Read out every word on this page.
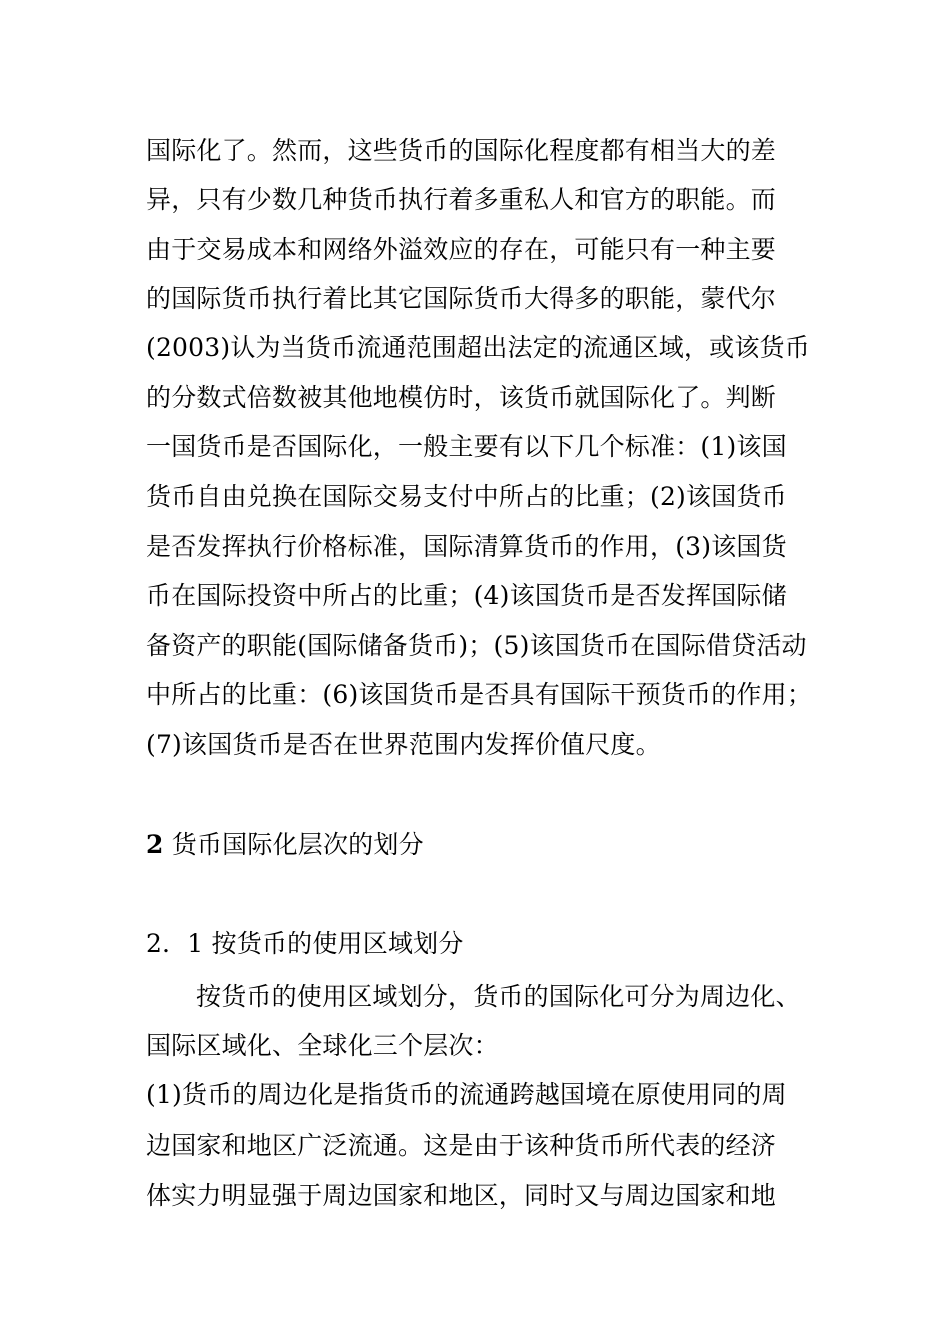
国际化了。然而，这些货币的国际化程度都有相当大的差
异，只有少数几种货币执行着多重私人和官方的职能。而
由于交易成本和网络外溢效应的存在，可能只有一种主要
的国际货币执行着比其它国际货币大得多的职能，蒙代尔
(2003)认为当货币流通范围超出法定的流通区域，或该货币
的分数式倍数被其他地模仿时，该货币就国际化了。判断
一国货币是否国际化，一般主要有以下几个标准：(1)该国
货币自由兑换在国际交易支付中所占的比重；(2)该国货币
是否发挥执行价格标准，国际清算货币的作用，(3)该国货
币在国际投资中所占的比重；(4)该国货币是否发挥国际储
备资产的职能(国际储备货币)；(5)该国货币在国际借贷活动
中所占的比重：(6)该国货币是否具有国际干预货币的作用；
(7)该国货币是否在世界范围内发挥价值尺度。
2 货币国际化层次的划分
2．1 按货币的使用区域划分
按货币的使用区域划分，货币的国际化可分为周边化、
国际区域化、全球化三个层次：
(1)货币的周边化是指货币的流通跨越国境在原使用同的周
边国家和地区广泛流通。这是由于该种货币所代表的经济
体实力明显强于周边国家和地区，同时又与周边国家和地
